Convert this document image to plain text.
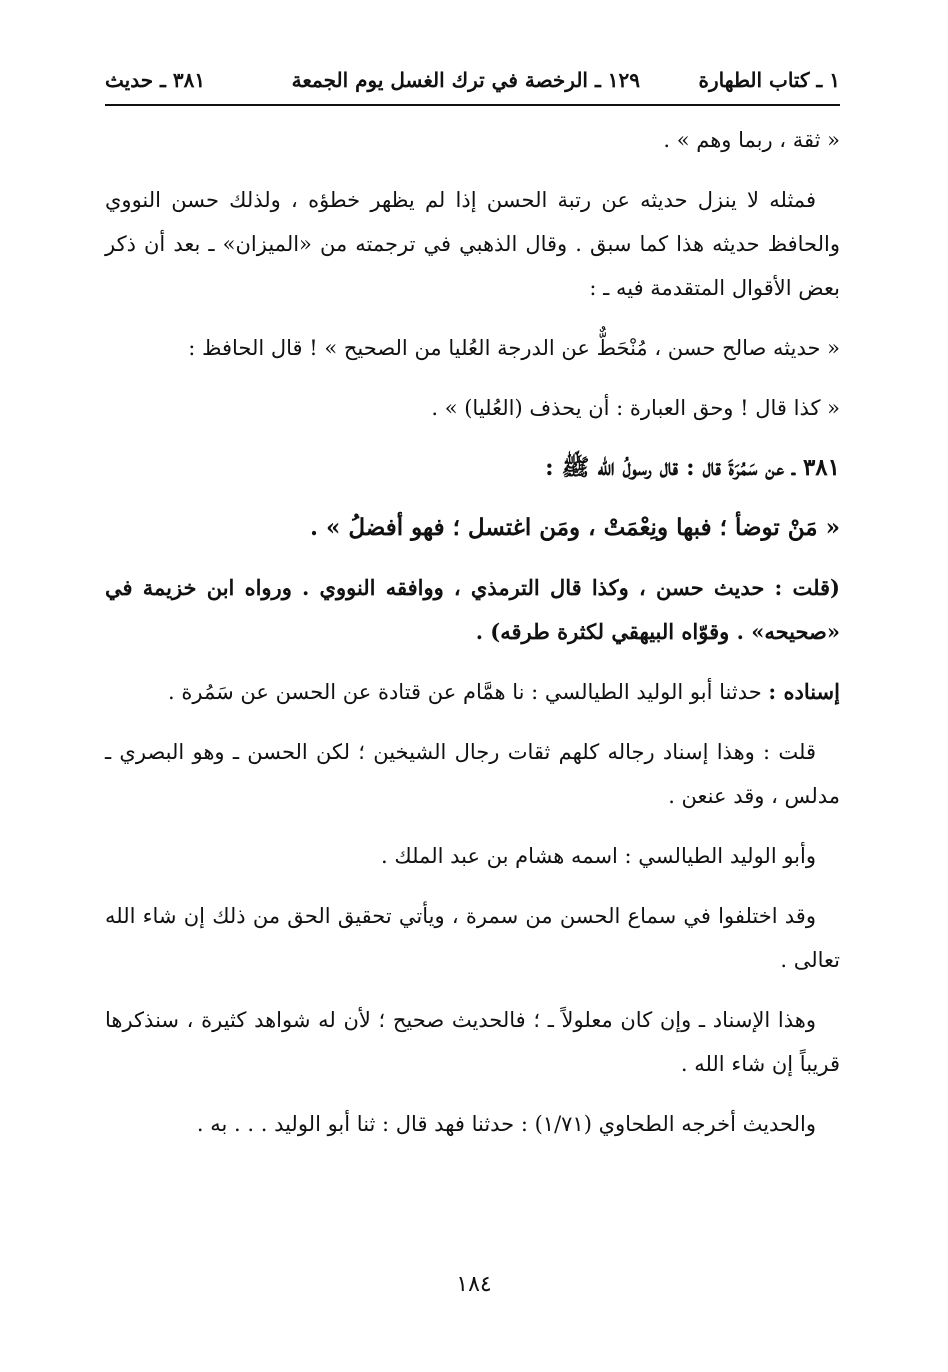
١ ـ كتاب الطهارة
١٢٩ ـ الرخصة في ترك الغسل يوم الجمعة
٣٨١ ـ حديث

« ثقة ، ربما وهم » .

فمثله لا ينزل حديثه عن رتبة الحسن إذا لم يظهر خطؤه ، ولذلك حسن النووي والحافظ حديثه هذا كما سبق . وقال الذهبي في ترجمته من «الميزان» ـ بعد أن ذكر بعض الأقوال المتقدمة فيه ـ :

« حديثه صالح حسن ، مُنْحَطٌّ عن الدرجة العُليا من الصحيح » ! قال الحافظ :

« كذا قال ! وحق العبارة : أن يحذف (العُليا) » .

٣٨١ ـ عن سَمُرَةَ قال : قال رسولُ الله ﷺ :

« مَنْ توضأ ؛ فبها ونِعْمَتْ ، ومَن اغتسل ؛ فهو أفضلُ » .

(قلت : حديث حسن ، وكذا قال الترمذي ، ووافقه النووي . ورواه ابن خزيمة في «صحيحه» . وقوّاه البيهقي لكثرة طرقه) .

إسناده : حدثنا أبو الوليد الطيالسي : نا همَّام عن قتادة عن الحسن عن سَمُرة .

قلت : وهذا إسناد رجاله كلهم ثقات رجال الشيخين ؛ لكن الحسن ـ وهو البصري ـ مدلس ، وقد عنعن .

وأبو الوليد الطيالسي : اسمه هشام بن عبد الملك .

وقد اختلفوا في سماع الحسن من سمرة ، ويأتي تحقيق الحق من ذلك إن شاء الله تعالى .

وهذا الإسناد ـ وإن كان معلولاً ـ ؛ فالحديث صحيح ؛ لأن له شواهد كثيرة ، سنذكرها قريباً إن شاء الله .

والحديث أخرجه الطحاوي (١/٧١) : حدثنا فهد قال : ثنا أبو الوليد . . . به .

١٨٤
